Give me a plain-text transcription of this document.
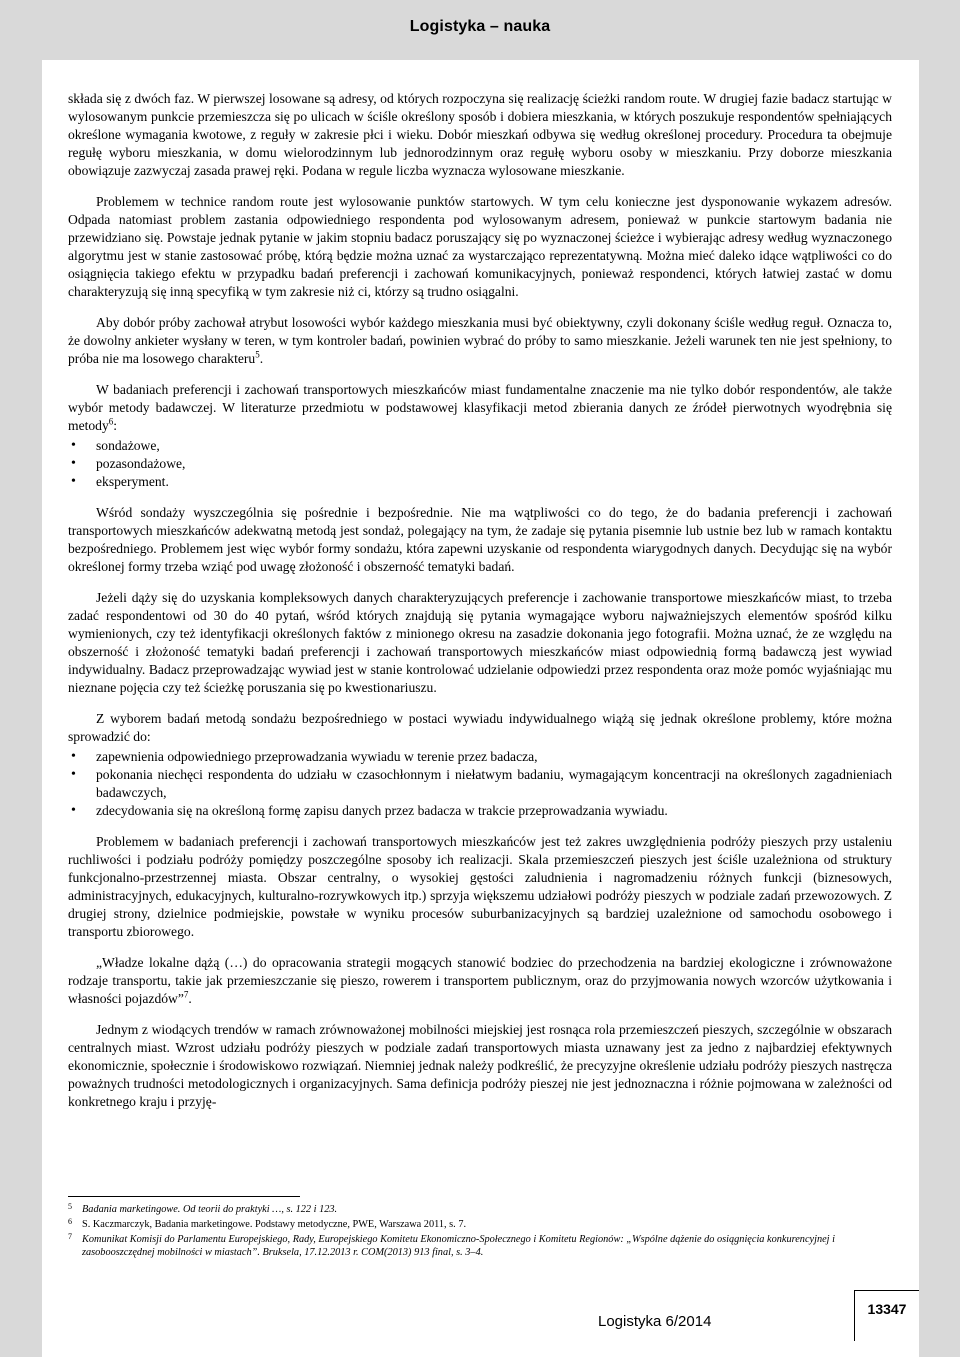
Logistyka – nauka

składa się z dwóch faz. W pierwszej losowane są adresy, od których rozpoczyna się realizację ścieżki random route. W drugiej fazie badacz startując w wylosowanym punkcie przemieszcza się po ulicach w ściśle określony sposób i dobiera mieszkania, w których poszukuje respondentów spełniających określone wymagania kwotowe, z reguły w zakresie płci i wieku. Dobór mieszkań odbywa się według określonej procedury. Procedura ta obejmuje regułę wyboru mieszkania, w domu wielorodzinnym lub jednorodzinnym oraz regułę wyboru osoby w mieszkaniu. Przy doborze mieszkania obowiązuje zazwyczaj zasada prawej ręki. Podana w regule liczba wyznacza wylosowane mieszkanie.

Problemem w technice random route jest wylosowanie punktów startowych. W tym celu konieczne jest dysponowanie wykazem adresów. Odpada natomiast problem zastania odpowiedniego respondenta pod wylosowanym adresem, ponieważ w punkcie startowym badania nie przewidziano się. Powstaje jednak pytanie w jakim stopniu badacz poruszający się po wyznaczonej ścieżce i wybierając adresy według wyznaczonego algorytmu jest w stanie zastosować próbę, którą będzie można uznać za wystarczająco reprezentatywną. Można mieć daleko idące wątpliwości co do osiągnięcia takiego efektu w przypadku badań preferencji i zachowań komunikacyjnych, ponieważ respondenci, których łatwiej zastać w domu charakteryzują się inną specyfiką w tym zakresie niż ci, którzy są trudno osiągalni.

Aby dobór próby zachował atrybut losowości wybór każdego mieszkania musi być obiektywny, czyli dokonany ściśle według reguł. Oznacza to, że dowolny ankieter wysłany w teren, w tym kontroler badań, powinien wybrać do próby to samo mieszkanie. Jeżeli warunek ten nie jest spełniony, to próba nie ma losowego charakteru$^5$.

W badaniach preferencji i zachowań transportowych mieszkańców miast fundamentalne znaczenie ma nie tylko dobór respondentów, ale także wybór metody badawczej. W literaturze przedmiotu w podstawowej klasyfikacji metod zbierania danych ze źródeł pierwotnych wyodrębnia się metody$^6$:

• sondażowe,
• pozasondażowe,
• eksperyment.

Wśród sondaży wyszczególnia się pośrednie i bezpośrednie. Nie ma wątpliwości co do tego, że do badania preferencji i zachowań transportowych mieszkańców adekwatną metodą jest sondaż, polegający na tym, że zadaje się pytania pisemnie lub ustnie bez lub w ramach kontaktu bezpośredniego. Problemem jest więc wybór formy sondażu, która zapewni uzyskanie od respondenta wiarygodnych danych. Decydując się na wybór określonej formy trzeba wziąć pod uwagę złożoność i obszerność tematyki badań.

Jeżeli dąży się do uzyskania kompleksowych danych charakteryzujących preferencje i zachowanie transportowe mieszkańców miast, to trzeba zadać respondentowi od 30 do 40 pytań, wśród których znajdują się pytania wymagające wyboru najważniejszych elementów spośród kilku wymienionych, czy też identyfikacji określonych faktów z minionego okresu na zasadzie dokonania jego fotografii. Można uznać, że ze względu na obszerność i złożoność tematyki badań preferencji i zachowań transportowych mieszkańców miast odpowiednią formą badawczą jest wywiad indywidualny. Badacz przeprowadzając wywiad jest w stanie kontrolować udzielanie odpowiedzi przez respondenta oraz może pomóc wyjaśniając mu nieznane pojęcia czy też ścieżkę poruszania się po kwestionariuszu.

Z wyborem badań metodą sondażu bezpośredniego w postaci wywiadu indywidualnego wiążą się jednak określone problemy, które można sprowadzić do:

• zapewnienia odpowiedniego przeprowadzania wywiadu w terenie przez badacza,
• pokonania niechęci respondenta do udziału w czasochłonnym i niełatwym badaniu, wymagającym koncentracji na określonych zagadnieniach badawczych,
• zdecydowania się na określoną formę zapisu danych przez badacza w trakcie przeprowadzania wywiadu.

Problemem w badaniach preferencji i zachowań transportowych mieszkańców jest też zakres uwzględnienia podróży pieszych przy ustaleniu ruchliwości i podziału podróży pomiędzy poszczególne sposoby ich realizacji. Skala przemieszczeń pieszych jest ściśle uzależniona od struktury funkcjonalno-przestrzennej miasta. Obszar centralny, o wysokiej gęstości zaludnienia i nagromadzeniu różnych funkcji (biznesowych, administracyjnych, edukacyjnych, kulturalno-rozrywkowych itp.) sprzyja większemu udziałowi podróży pieszych w podziale zadań przewozowych. Z drugiej strony, dzielnice podmiejskie, powstałe w wyniku procesów suburbanizacyjnych są bardziej uzależnione od samochodu osobowego i transportu zbiorowego.

„Władze lokalne dążą (…) do opracowania strategii mogących stanowić bodziec do przechodzenia na bardziej ekologiczne i zrównoważone rodzaje transportu, takie jak przemieszczanie się pieszo, rowerem i transportem publicznym, oraz do przyjmowania nowych wzorców użytkowania i własności pojazdów”$^7$.

Jednym z wiodących trendów w ramach zrównoważonej mobilności miejskiej jest rosnąca rola przemieszczeń pieszych, szczególnie w obszarach centralnych miast. Wzrost udziału podróży pieszych w podziale zadań transportowych miasta uznawany jest za jedno z najbardziej efektywnych ekonomicznie, społecznie i środowiskowo rozwiązań. Niemniej jednak należy podkreślić, że precyzyjne określenie udziału podróży pieszych nastręcza poważnych trudności metodologicznych i organizacyjnych. Sama definicja podróży pieszej nie jest jednoznaczna i różnie pojmowana w zależności od konkretnego kraju i przyję-

5 Badania marketingowe. Od teorii do praktyki …, s. 122 i 123.
6 S. Kaczmarczyk, Badania marketingowe. Podstawy metodyczne, PWE, Warszawa 2011, s. 7.
7 Komunikat Komisji do Parlamentu Europejskiego, Rady, Europejskiego Komitetu Ekonomiczno-Społecznego i Komitetu Regionów: „Wspólne dążenie do osiągnięcia konkurencyjnej i zasobooszczędnej mobilności w miastach”. Bruksela, 17.12.2013 r. COM(2013) 913 final, s. 3–4.
Logistyka 6/2014
13347
